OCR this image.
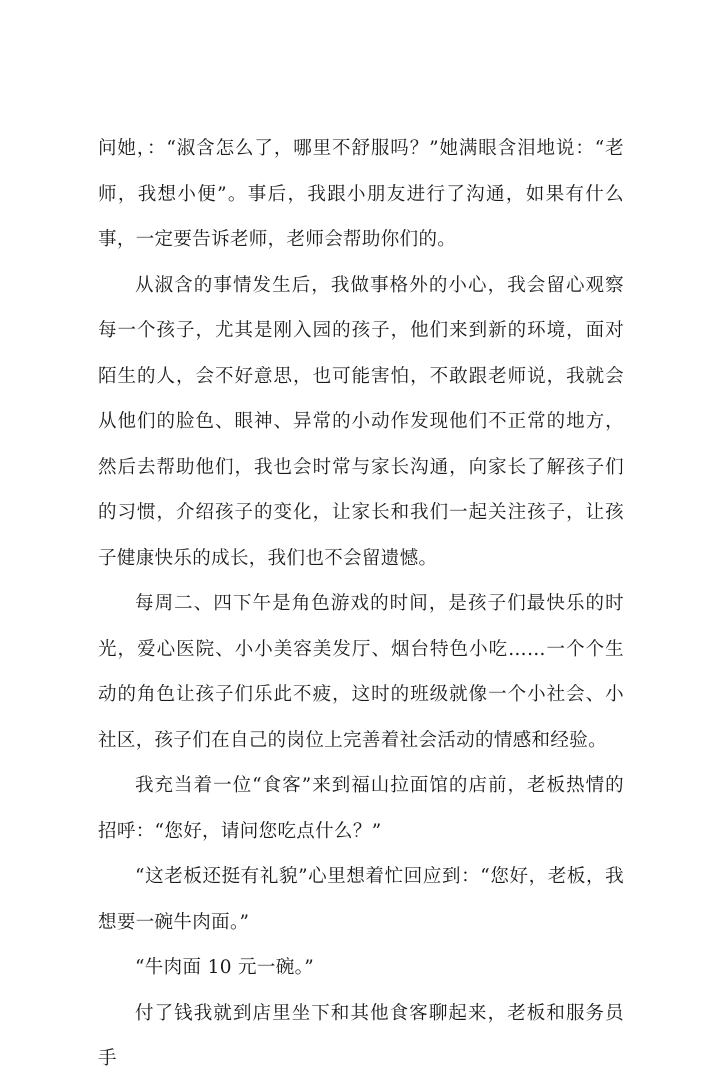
问她，：“淑含怎么了，哪里不舒服吗？”她满眼含泪地说：“老师，我想小便”。事后，我跟小朋友进行了沟通，如果有什么事，一定要告诉老师，老师会帮助你们的。

从淑含的事情发生后，我做事格外的小心，我会留心观察每一个孩子，尤其是刚入园的孩子，他们来到新的环境，面对陌生的人，会不好意思，也可能害怕，不敢跟老师说，我就会从他们的脸色、眼神、异常的小动作发现他们不正常的地方，然后去帮助他们，我也会时常与家长沟通，向家长了解孩子们的习惯，介绍孩子的变化，让家长和我们一起关注孩子，让孩子健康快乐的成长，我们也不会留遗憾。

每周二、四下午是角色游戏的时间，是孩子们最快乐的时光，爱心医院、小小美容美发厅、烟台特色小吃……一个个生动的角色让孩子们乐此不疲，这时的班级就像一个小社会、小社区，孩子们在自己的岗位上完善着社会活动的情感和经验。

我充当着一位“食客”来到福山拉面馆的店前，老板热情的招呼：“您好，请问您吃点什么？”

“这老板还挺有礼貌”心里想着忙回应到：“您好，老板，我想要一碗牛肉面。”

“牛肉面 10 元一碗。”

付了钱我就到店里坐下和其他食客聊起来，老板和服务员手
